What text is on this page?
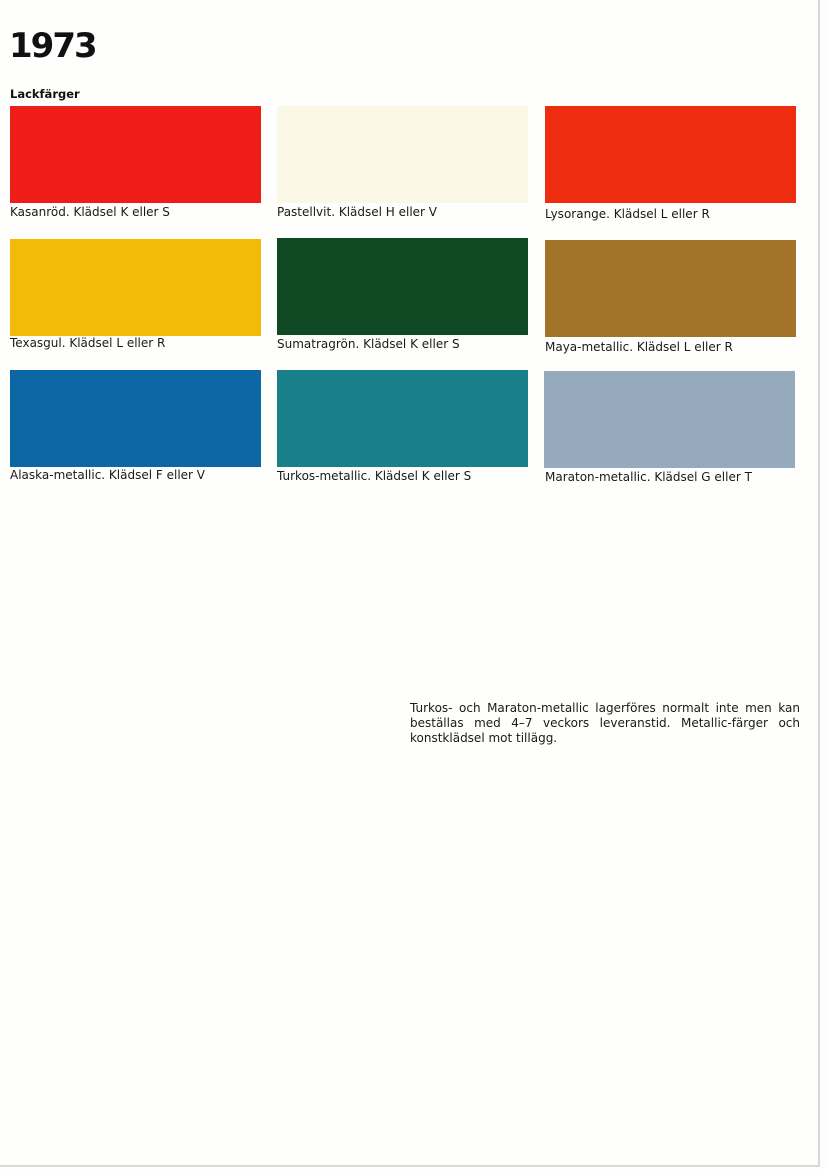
1973
Lackfärger
Kasanröd. Klädsel K eller S	Pastellvit. Klädsel H eller V	Lysorange. Klädsel L eller R
Texasgul. Klädsel L eller R	Sumatragrön. Klädsel K eller S	Maya-metallic. Klädsel L eller R
Alaska-metallic. Klädsel F eller V	Turkos-metallic. Klädsel K eller S	Maraton-metallic. Klädsel G eller T

Turkos- och Maraton-metallic lagerföres normalt inte men kan beställas med 4–7 veckors leveranstid. Metallic-färger och konstklädsel mot tillägg.
